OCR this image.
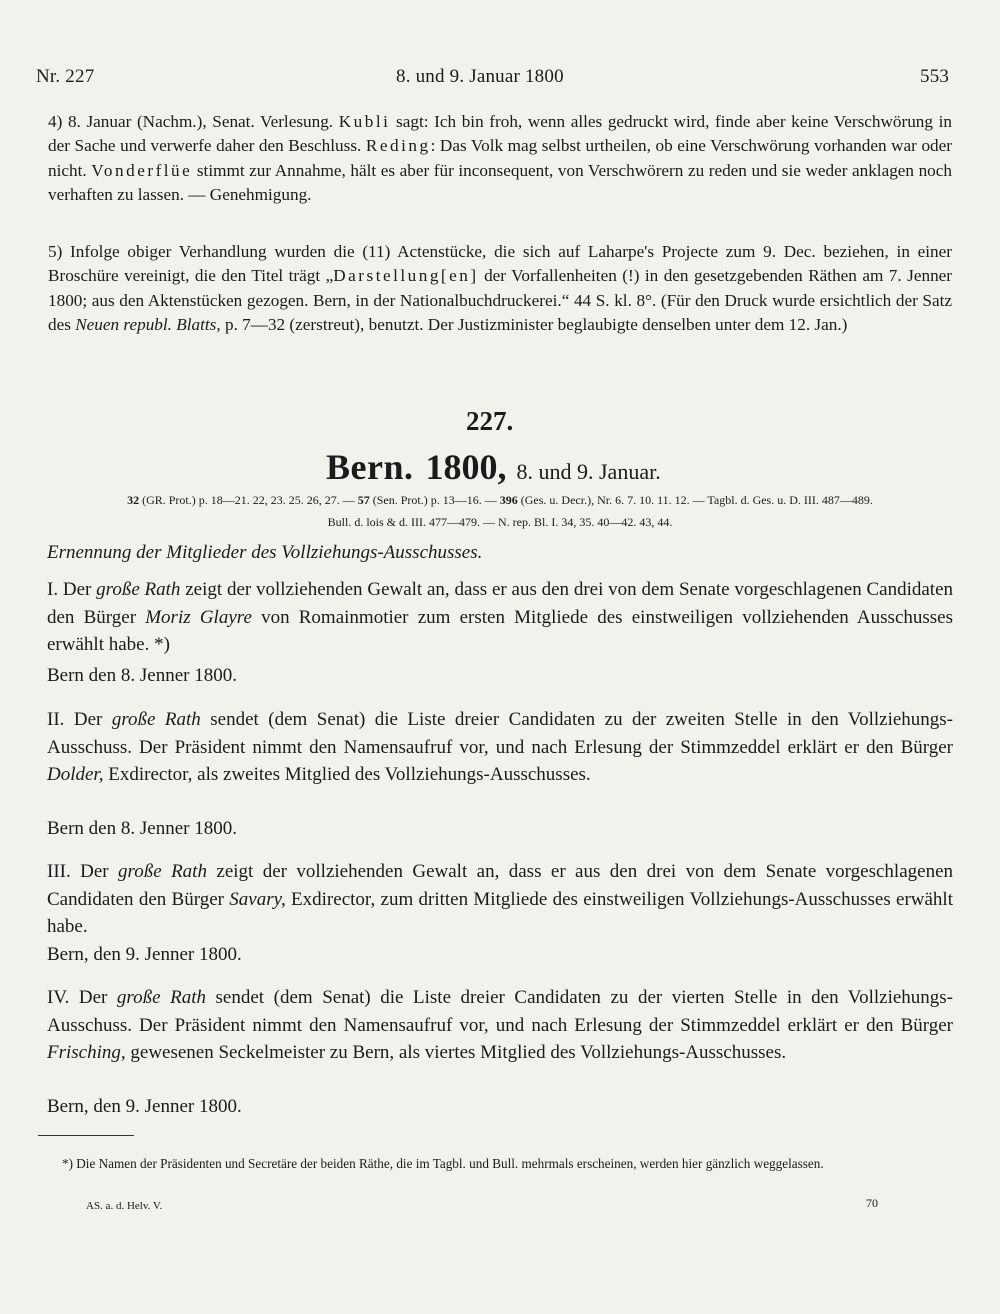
Nr. 227	8. und 9. Januar 1800	553

4) 8. Januar (Nachm.), Senat. Verlesung. Kubli sagt: Ich bin froh, wenn alles gedruckt wird, finde aber keine Verschwörung in der Sache und verwerfe daher den Beschluss. Reding: Das Volk mag selbst urtheilen, ob eine Verschwörung vorhanden war oder nicht. Vonderflüe stimmt zur Annahme, hält es aber für inconsequent, von Verschwörern zu reden und sie weder anklagen noch verhaften zu lassen. — Genehmigung.

5) Infolge obiger Verhandlung wurden die (11) Actenstücke, die sich auf Laharpe's Projecte zum 9. Dec. beziehen, in einer Broschüre vereinigt, die den Titel trägt „Darstellung[en] der Vorfallenheiten (!) in den gesetzgebenden Räthen am 7. Jenner 1800; aus den Aktenstücken gezogen. Bern, in der Nationalbuchdruckerei.“ 44 S. kl. 8°. (Für den Druck wurde ersichtlich der Satz des Neuen republ. Blatts, p. 7—32 (zerstreut), benutzt. Der Justizminister beglaubigte denselben unter dem 12. Jan.)

227.
Bern. 1800, 8. und 9. Januar.

32 (GR. Prot.) p. 18—21. 22, 23. 25. 26, 27. — 57 (Sen. Prot.) p. 13—16. — 396 (Ges. u. Decr.), Nr. 6. 7. 10. 11. 12. — Tagbl. d. Ges. u. D. III. 487—489.

Bull. d. lois & d. III. 477—479. — N. rep. Bl. I. 34, 35. 40—42. 43, 44.

Ernennung der Mitglieder des Vollziehungs-Ausschusses.

I. Der große Rath zeigt der vollziehenden Gewalt an, dass er aus den drei von dem Senate vorgeschlagenen Candidaten den Bürger Moriz Glayre von Romainmotier zum ersten Mitgliede des einstweiligen vollziehenden Ausschusses erwählt habe. *)

Bern den 8. Jenner 1800.

II. Der große Rath sendet (dem Senat) die Liste dreier Candidaten zu der zweiten Stelle in den Vollziehungs-Ausschuss. Der Präsident nimmt den Namensaufruf vor, und nach Erlesung der Stimmzeddel erklärt er den Bürger Dolder, Exdirector, als zweites Mitglied des Vollziehungs-Ausschusses.

Bern den 8. Jenner 1800.

III. Der große Rath zeigt der vollziehenden Gewalt an, dass er aus den drei von dem Senate vorgeschlagenen Candidaten den Bürger Savary, Exdirector, zum dritten Mitgliede des einstweiligen Vollziehungs-Ausschusses erwählt habe.

Bern, den 9. Jenner 1800.

IV. Der große Rath sendet (dem Senat) die Liste dreier Candidaten zu der vierten Stelle in den Vollziehungs-Ausschuss. Der Präsident nimmt den Namensaufruf vor, und nach Erlesung der Stimmzeddel erklärt er den Bürger Frisching, gewesenen Seckelmeister zu Bern, als viertes Mitglied des Vollziehungs-Ausschusses.

Bern, den 9. Jenner 1800.

*) Die Namen der Präsidenten und Secretäre der beiden Räthe, die im Tagbl. und Bull. mehrmals erscheinen, werden hier gänzlich weggelassen.

AS. a. d. Helv. V.	70
